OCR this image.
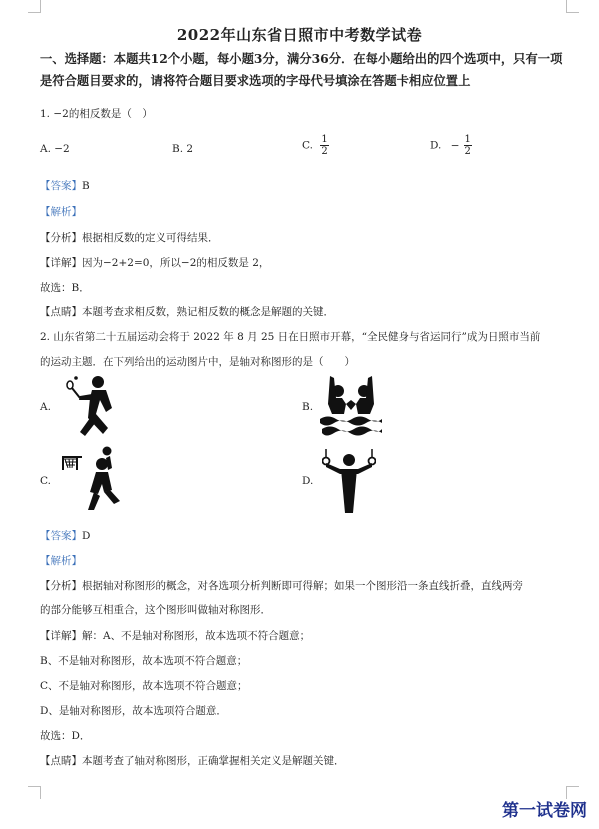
2022年山东省日照市中考数学试卷
一、选择题：本题共12个小题，每小题3分，满分36分．在每小题给出的四个选项中，只有一项是符合题目要求的，请将符合题目要求选项的字母代号填涂在答题卡相应位置上
1. −2的相反数是（　）
A. −2	B. 2	C. $\frac{1}{2}$	D. − $\frac{1}{2}$
【答案】B
【解析】
【分析】根据相反数的定义可得结果．
【详解】因为−2+2=0，所以−2的相反数是 2，
故选：B．
【点睛】本题考查求相反数，熟记相反数的概念是解题的关键．
2. 山东省第二十五届运动会将于 2022 年 8 月 25 日在日照市开幕，“全民健身与省运同行”成为日照市当前
的运动主题．在下列给出的运动图片中，是轴对称图形的是（　　）
A.	B.
C.	D.
【答案】D
【解析】
【分析】根据轴对称图形的概念，对各选项分析判断即可得解；如果一个图形沿一条直线折叠，直线两旁
的部分能够互相重合，这个图形叫做轴对称图形．
【详解】解：A、不是轴对称图形，故本选项不符合题意；
B、不是轴对称图形，故本选项不符合题意；
C、不是轴对称图形，故本选项不符合题意；
D、是轴对称图形，故本选项符合题意．
故选：D．
【点睛】本题考查了轴对称图形，正确掌握相关定义是解题关键．
第一试卷网
